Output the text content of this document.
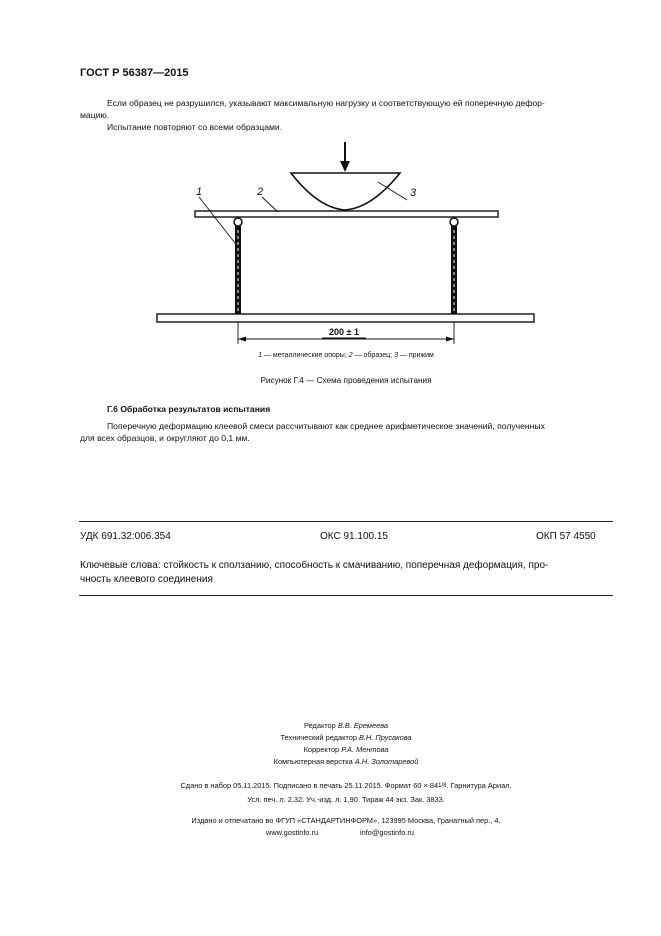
ГОСТ Р 56387—2015
Если образец не разрушился, указывают максимальную нагрузку и соответствующую ей поперечную дефор-
мацию.
Испытание повторяют со всеми образцами.
1	2	3
200 ± 1
1 — металлические опоры; 2 — образец; 3 — прижим
Рисунок Г.4 — Схема проведения испытания
Г.6 Обработка результатов испытания
Поперечную деформацию клеевой смеси рассчитывают как среднее арифметическое значений, полученных
для всех образцов, и округляют до 0,1 мм.
УДК 691.32:006.354	ОКС 91.100.15	ОКП 57 4550
Ключевые слова: стойкость к сползанию, способность к смачиванию, поперечная деформация, про-
чность клеевого соединения
Редактор В.В. Еремеева
Технический редактор В.Н. Прусакова
Корректор Р.А. Ментова
Компьютерная верстка А.Н. Золотаревой
Сдано в набор 05.11.2015. Подписано в печать 25.11.2015. Формат 60 × 841/8. Гарнитура Ариал.
Усл. печ. л. 2,32. Уч.-изд. л. 1,90. Тираж 44 экз. Зак. 3833.
Издано и отпечатано во ФГУП «СТАНДАРТИНФОРМ», 123995 Москва, Гранатный пер., 4.
www.gostinfo.ru	info@gostinfo.ru
